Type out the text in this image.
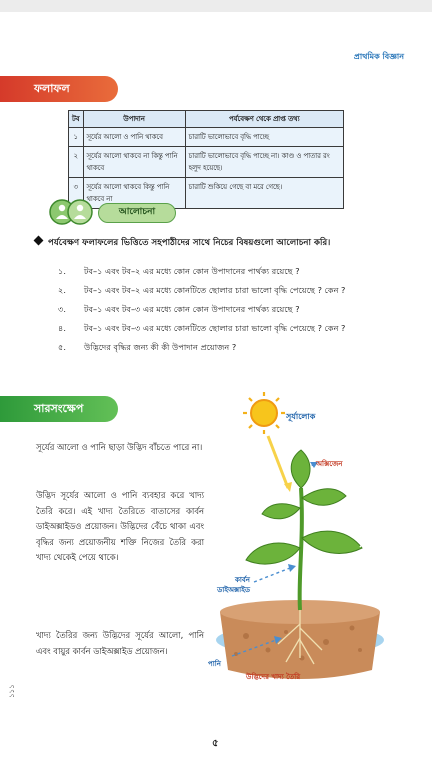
প্রাথমিক বিজ্ঞান
ফলাফল
টব	উপাদান	পর্যবেক্ষণ থেকে প্রাপ্ত তথ্য
১	সূর্যের আলো ও পানি থাকবে	চারাটি ভালোভাবে বৃদ্ধি পাচ্ছে
২	সূর্যের আলো থাকবে না কিন্তু পানি থাকবে	চারাটি ভালোভাবে বৃদ্ধি পাচ্ছে না। কাণ্ড ও পাতার রং হলুদ হয়েছে।
৩	সূর্যের আলো থাকবে কিন্তু পানি থাকবে না	চারাটি শুকিয়ে গেছে বা মরে গেছে।
আলোচনা
পর্যবেক্ষণ ফলাফলের ভিত্তিতে সহপাঠীদের সাথে নিচের বিষয়গুলো আলোচনা করি।
১. টব–১ এবং টব–২ এর মধ্যে কোন কোন উপাদানের পার্থক্য রয়েছে ?
২. টব–১ এবং টব–২ এর মধ্যে কোনটিতে ছোলার চারা ভালো বৃদ্ধি পেয়েছে ? কেন ?
৩. টব–১ এবং টব–৩ এর মধ্যে কোন কোন উপাদানের পার্থক্য রয়েছে ?
৪. টব–১ এবং টব–৩ এর মধ্যে কোনটিতে ছোলার চারা ভালো বৃদ্ধি পেয়েছে ? কেন ?
৫. উদ্ভিদের বৃদ্ধির জন্য কী কী উপাদান প্রয়োজন ?
সারসংক্ষেপ

সূর্যের আলো ও পানি ছাড়া উদ্ভিদ বাঁচতে পারে না।

উদ্ভিদ সূর্যের আলো ও পানি ব্যবহার করে খাদ্য তৈরি করে। এই খাদ্য তৈরিতে বাতাসের কার্বন ডাইঅক্সাইডও প্রয়োজন। উদ্ভিদের বেঁচে থাকা এবং বৃদ্ধির জন্য প্রয়োজনীয় শক্তি নিজের তৈরি করা খাদ্য থেকেই পেয়ে থাকে।

খাদ্য তৈরির জন্য উদ্ভিদের সূর্যের আলো, পানি এবং বায়ুর কার্বন ডাইঅক্সাইড প্রয়োজন।

সূর্যালোক
অক্সিজেন
খাদ্য
কার্বন
ডাইঅক্সাইড
পানি
উদ্ভিদের খাদ্য তৈরি
১১১
৫
